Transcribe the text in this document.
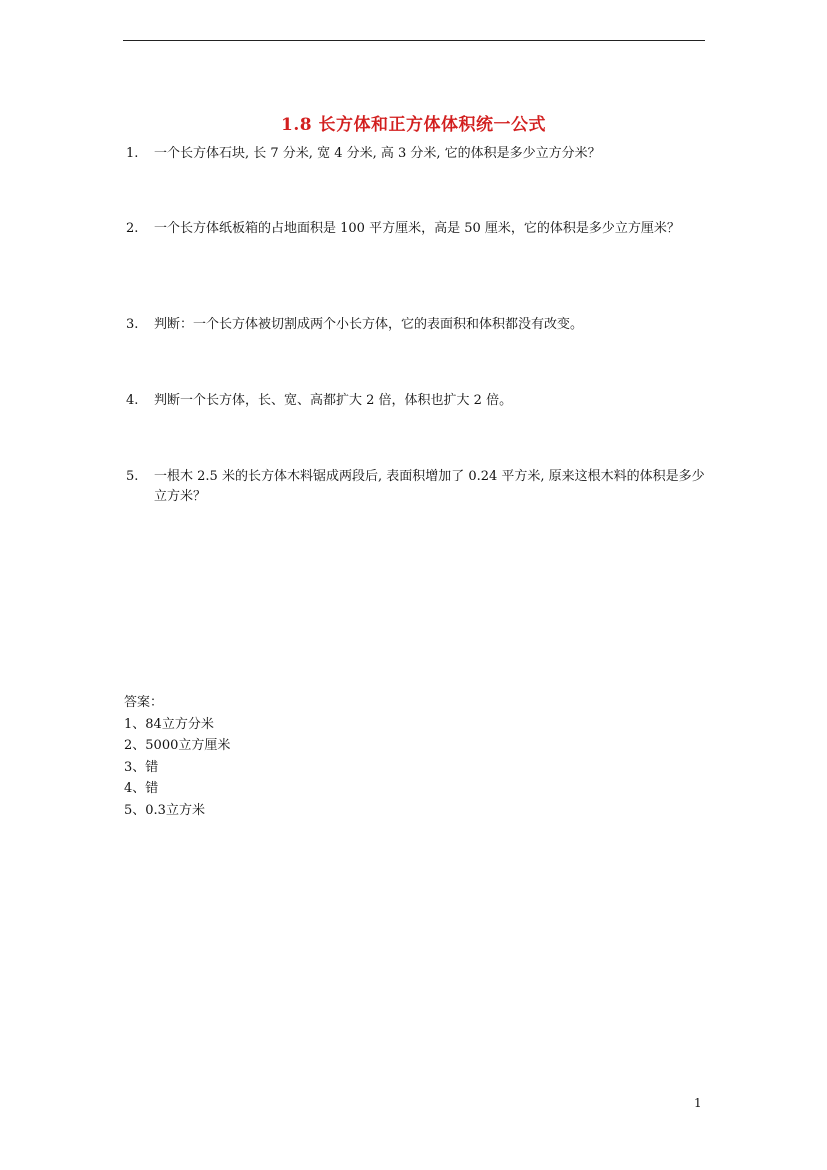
1.8 长方体和正方体体积统一公式
1.	一个长方体石块, 长 7 分米, 宽 4 分米, 高 3 分米, 它的体积是多少立方分米？
2.	一个长方体纸板箱的占地面积是 100 平方厘米，高是 50 厘米，它的体积是多少立方厘米？
3.	判断：一个长方体被切割成两个小长方体，它的表面积和体积都没有改变。
4.	判断一个长方体，长、宽、高都扩大 2 倍，体积也扩大 2 倍。
5.	一根木 2.5 米的长方体木料锯成两段后, 表面积增加了 0.24 平方米, 原来这根木料的体积是多少立方米？
答案：
1、84立方分米
2、5000立方厘米
3、错
4、错
5、0.3立方米
1
